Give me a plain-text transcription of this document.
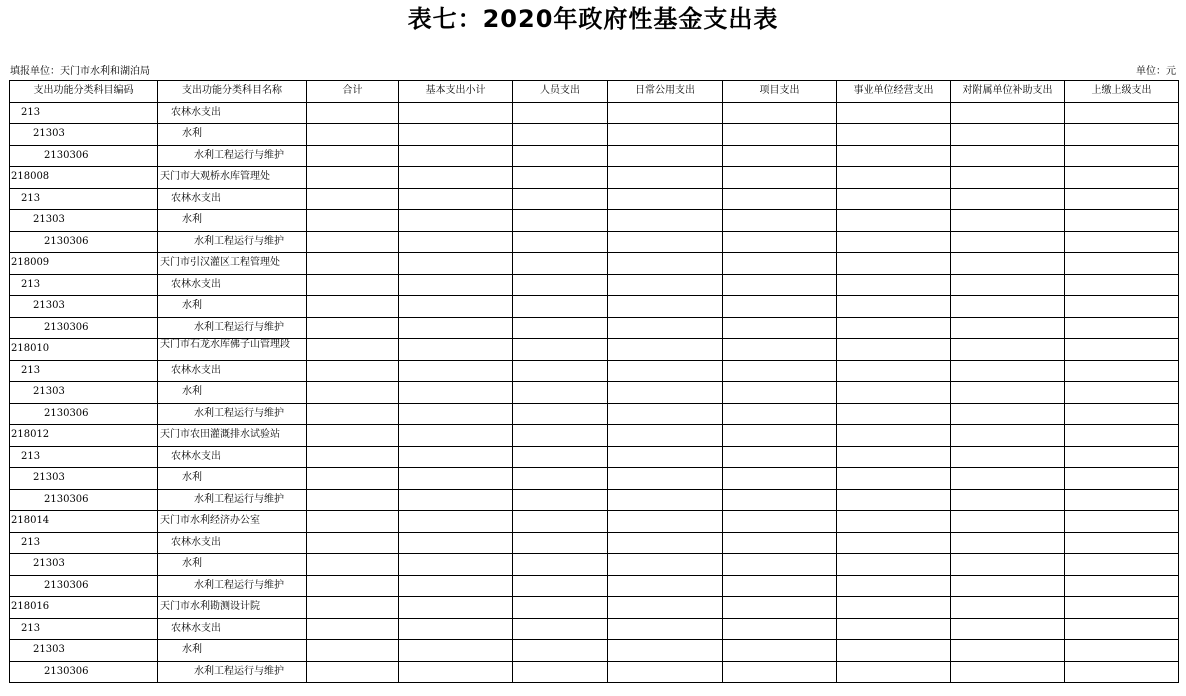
表七：2020年政府性基金支出表
填报单位：天门市水利和湖泊局	单位：元
支出功能分类科目编码	支出功能分类科目名称	合计	基本支出小计	人员支出	日常公用支出	项目支出	事业单位经营支出	对附属单位补助支出	上缴上级支出
213	农林水支出								
21303	水利								
2130306	水利工程运行与维护								
218008	天门市大观桥水库管理处								
213	农林水支出								
21303	水利								
2130306	水利工程运行与维护								
218009	天门市引汉灌区工程管理处								
213	农林水支出								
21303	水利								
2130306	水利工程运行与维护								
218010	天门市石龙水库佛子山管理段								
213	农林水支出								
21303	水利								
2130306	水利工程运行与维护								
218012	天门市农田灌溉排水试验站								
213	农林水支出								
21303	水利								
2130306	水利工程运行与维护								
218014	天门市水利经济办公室								
213	农林水支出								
21303	水利								
2130306	水利工程运行与维护								
218016	天门市水利勘测设计院								
213	农林水支出								
21303	水利								
2130306	水利工程运行与维护								
